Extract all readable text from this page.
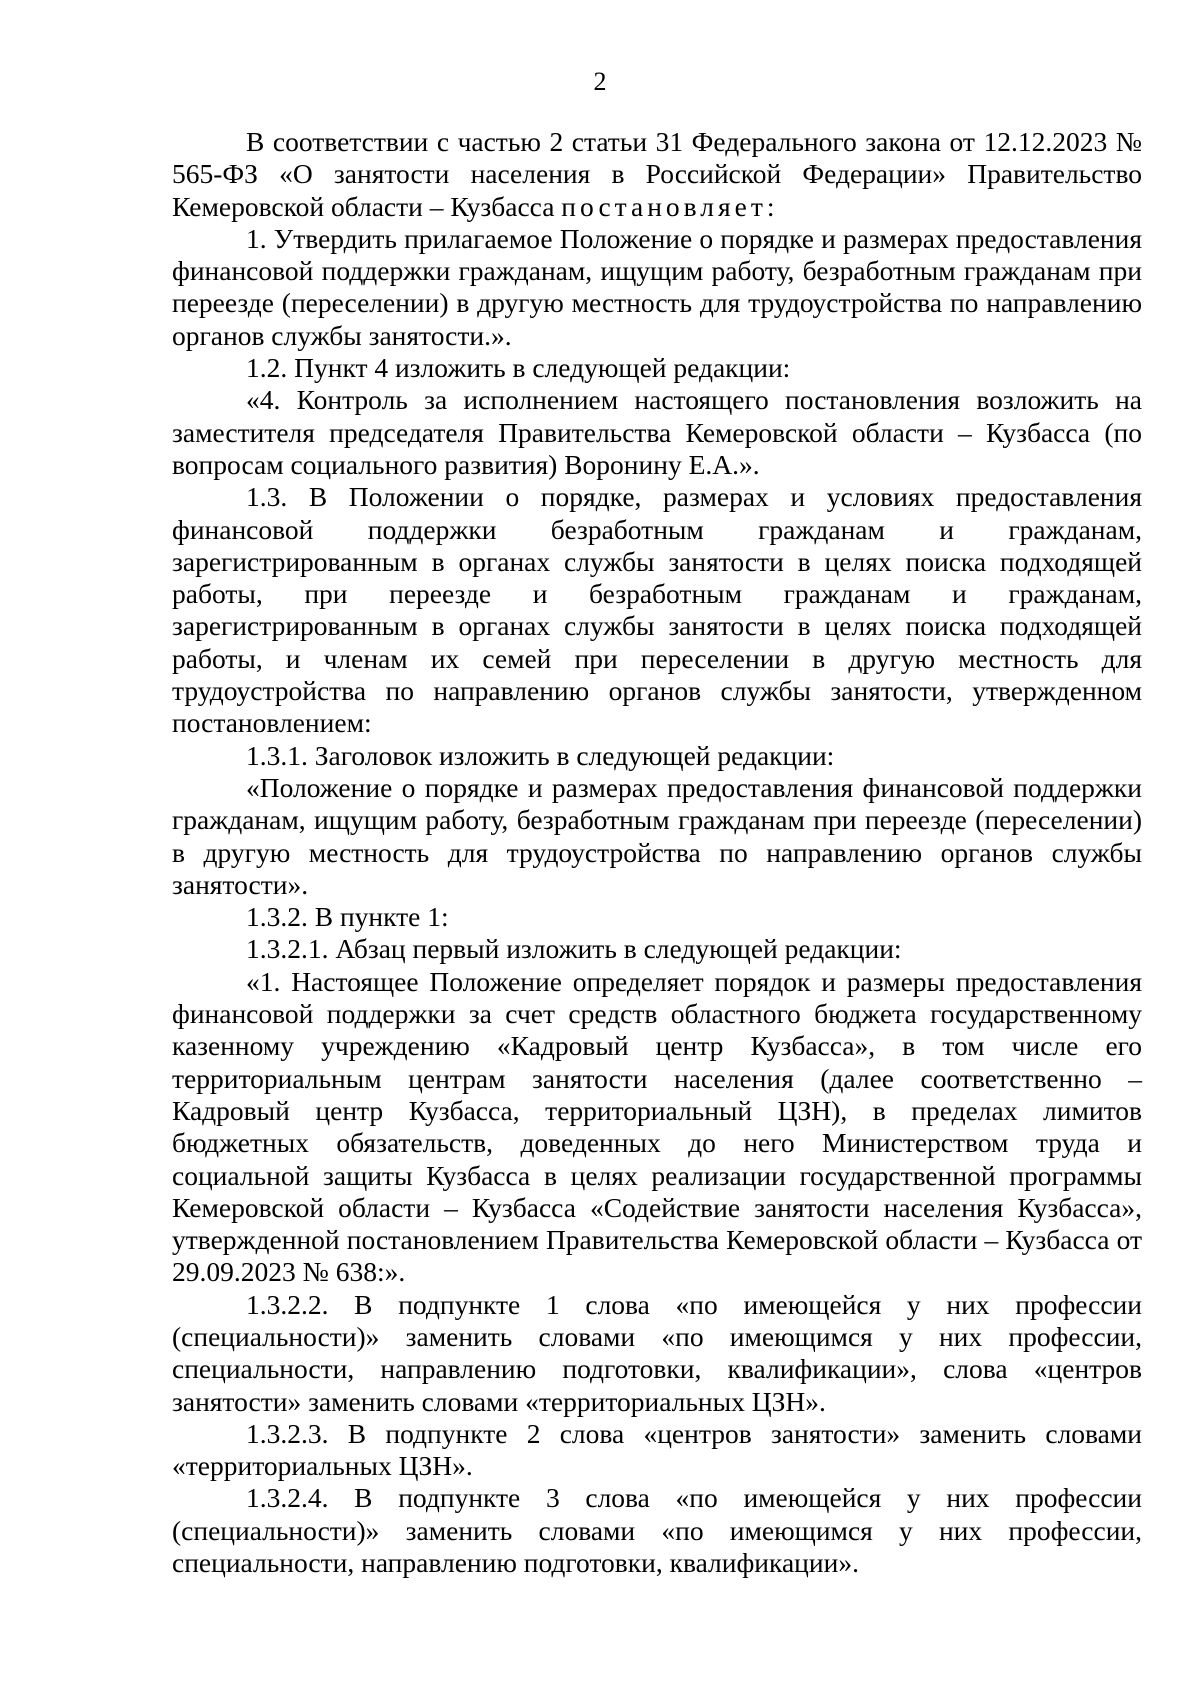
2

В соответствии с частью 2 статьи 31 Федерального закона от 12.12.2023 № 565-ФЗ «О занятости населения в Российской Федерации» Правительство Кемеровской области – Кузбасса постановляет:

1. Утвердить прилагаемое Положение о порядке и размерах предоставления финансовой поддержки гражданам, ищущим работу, безработным гражданам при переезде (переселении) в другую местность для трудоустройства по направлению органов службы занятости.».

1.2. Пункт 4 изложить в следующей редакции:

«4. Контроль за исполнением настоящего постановления возложить на заместителя председателя Правительства Кемеровской области – Кузбасса (по вопросам социального развития) Воронину Е.А.».

1.3. В Положении о порядке, размерах и условиях предоставления финансовой поддержки безработным гражданам и гражданам, зарегистрированным в органах службы занятости в целях поиска подходящей работы, при переезде и безработным гражданам и гражданам, зарегистрированным в органах службы занятости в целях поиска подходящей работы, и членам их семей при переселении в другую местность для трудоустройства по направлению органов службы занятости, утвержденном постановлением:

1.3.1. Заголовок изложить в следующей редакции:

«Положение о порядке и размерах предоставления финансовой поддержки гражданам, ищущим работу, безработным гражданам при переезде (переселении) в другую местность для трудоустройства по направлению органов службы занятости».

1.3.2. В пункте 1:

1.3.2.1. Абзац первый изложить в следующей редакции:

«1. Настоящее Положение определяет порядок и размеры предоставления финансовой поддержки за счет средств областного бюджета государственному казенному учреждению «Кадровый центр Кузбасса», в том числе его территориальным центрам занятости населения (далее соответственно – Кадровый центр Кузбасса, территориальный ЦЗН), в пределах лимитов бюджетных обязательств, доведенных до него Министерством труда и социальной защиты Кузбасса в целях реализации государственной программы Кемеровской области – Кузбасса «Содействие занятости населения Кузбасса», утвержденной постановлением Правительства Кемеровской области – Кузбасса от 29.09.2023 № 638:».

1.3.2.2. В подпункте 1 слова «по имеющейся у них профессии (специальности)» заменить словами «по имеющимся у них профессии, специальности, направлению подготовки, квалификации», слова «центров занятости» заменить словами «территориальных ЦЗН».

1.3.2.3. В подпункте 2 слова «центров занятости» заменить словами «территориальных ЦЗН».

1.3.2.4. В подпункте 3 слова «по имеющейся у них профессии (специальности)» заменить словами «по имеющимся у них профессии, специальности, направлению подготовки, квалификации».
